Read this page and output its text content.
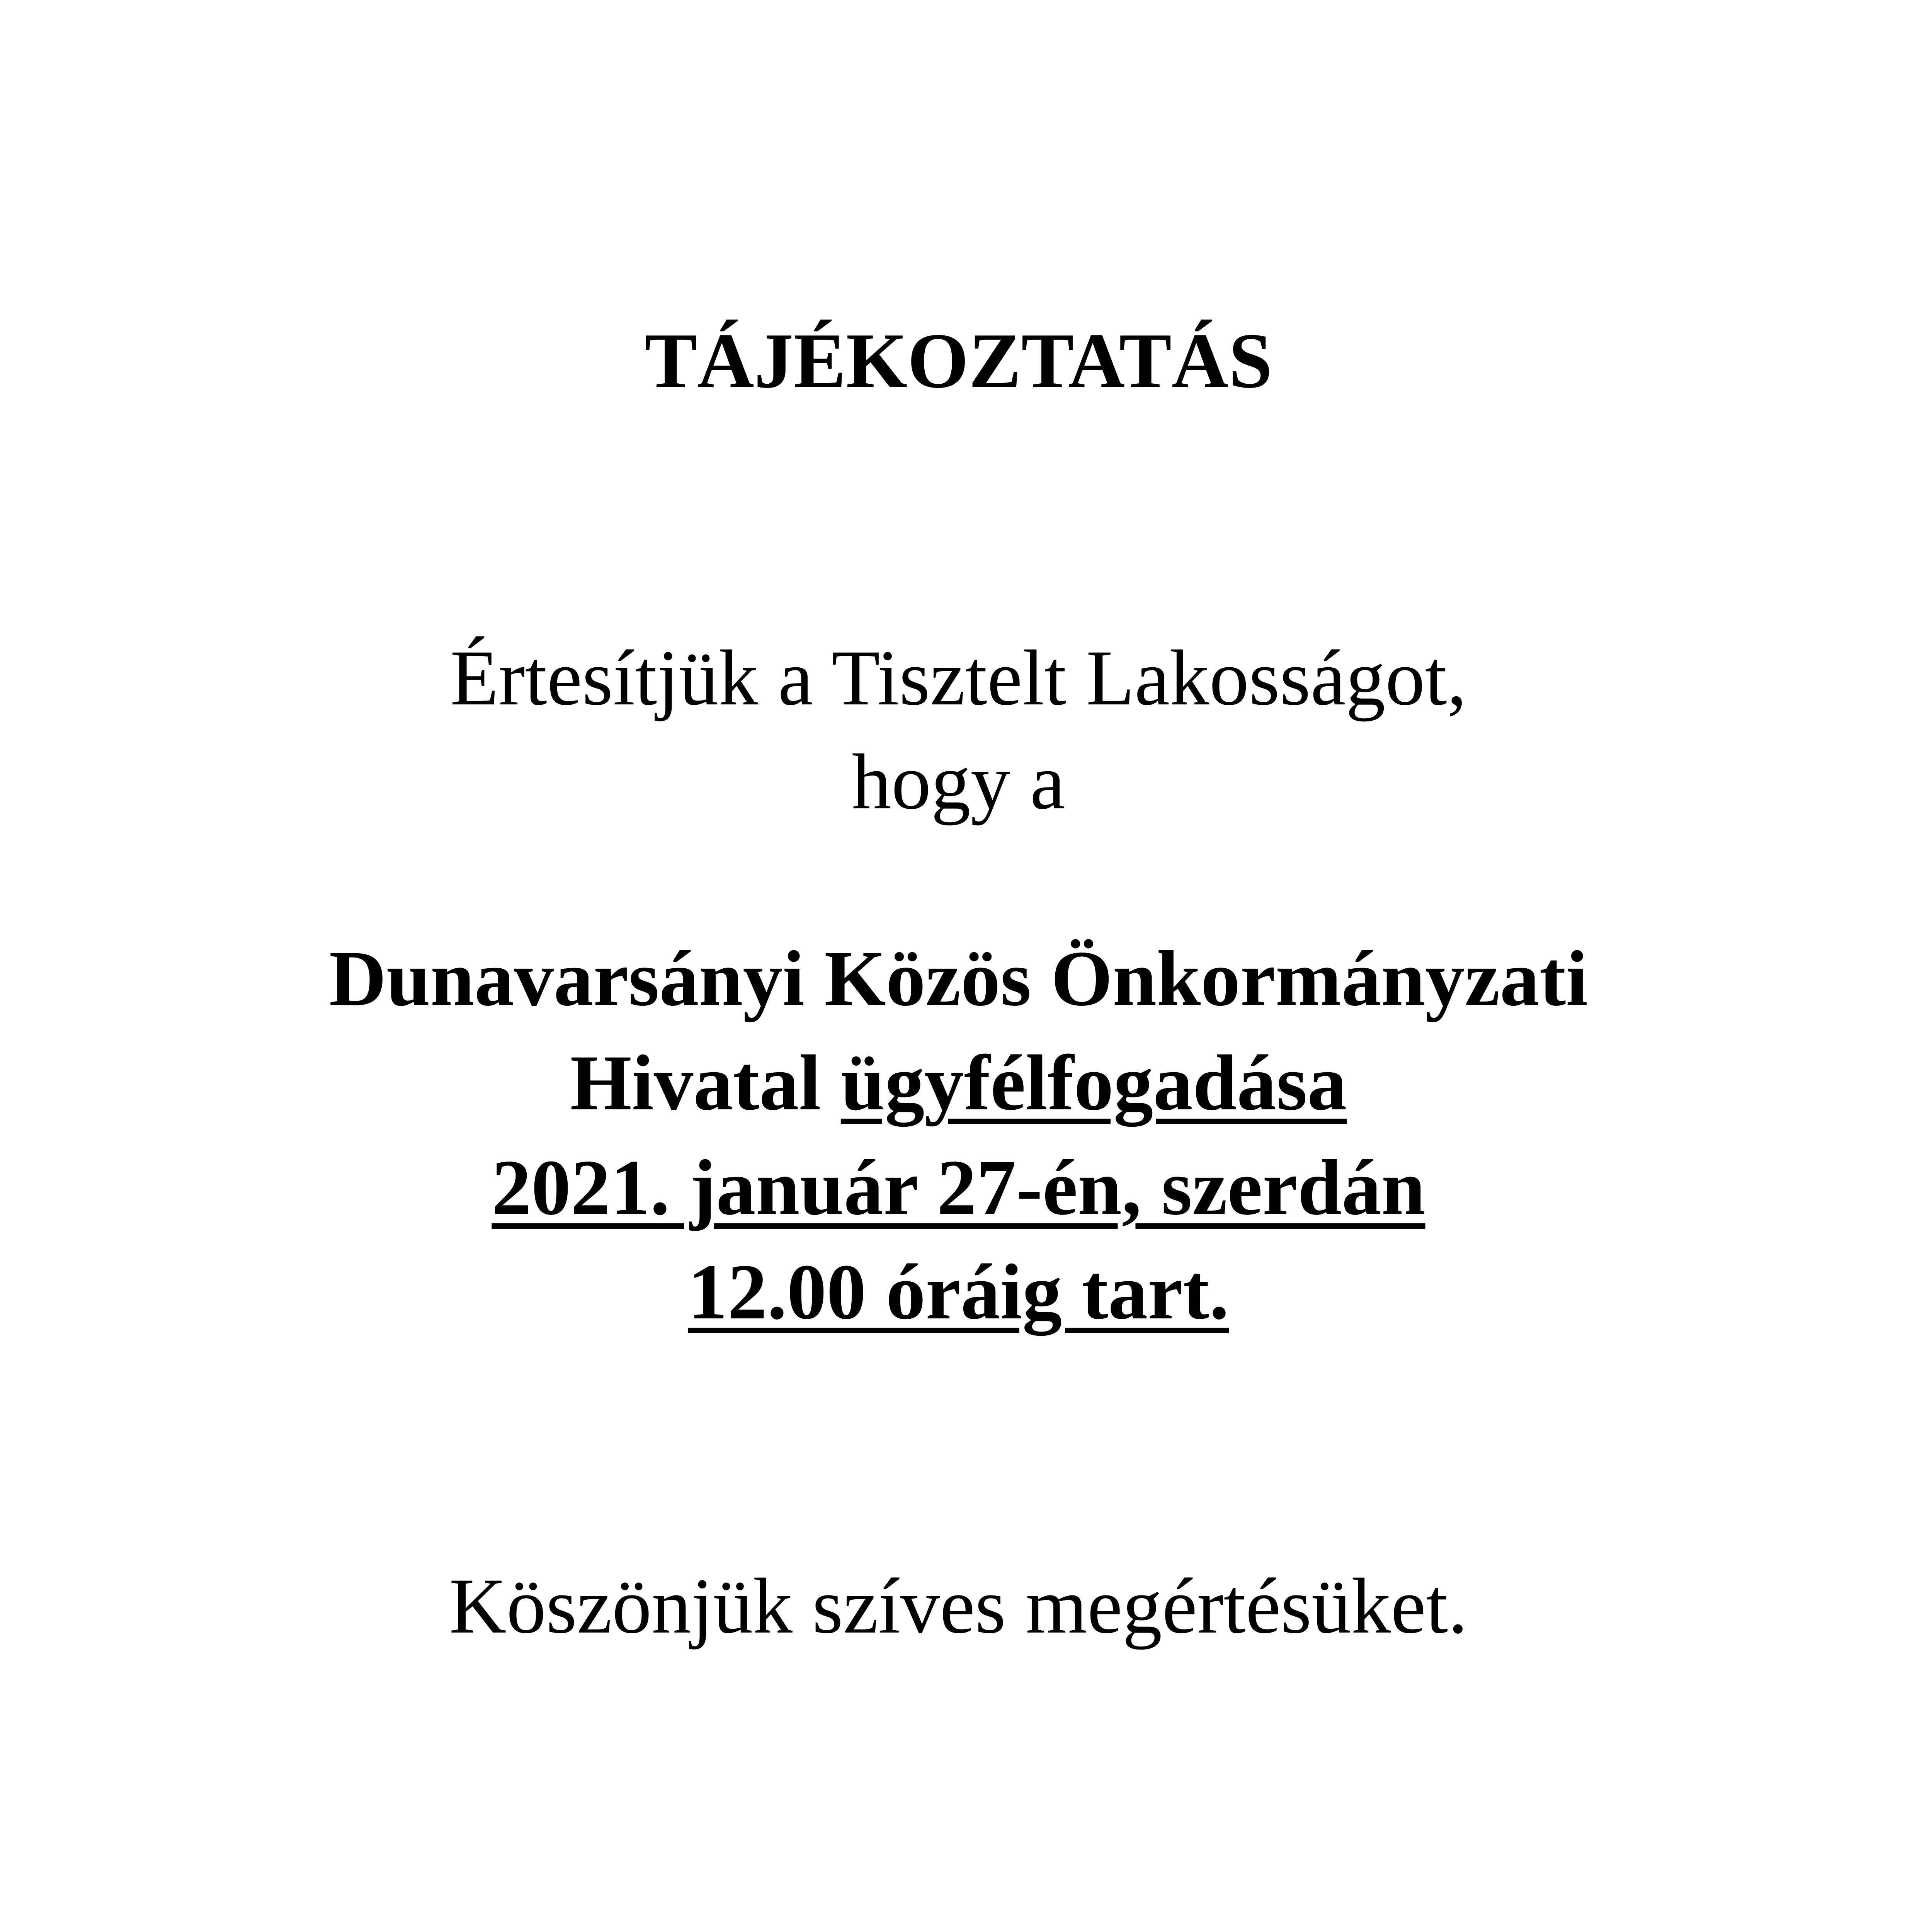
TÁJÉKOZTATÁS
Értesítjük a Tisztelt Lakosságot,
hogy a
Dunavarsányi Közös Önkormányzati
Hivatal ügyfélfogadása
2021. január 27-én, szerdán
12.00 óráig tart.
Köszönjük szíves megértésüket.
